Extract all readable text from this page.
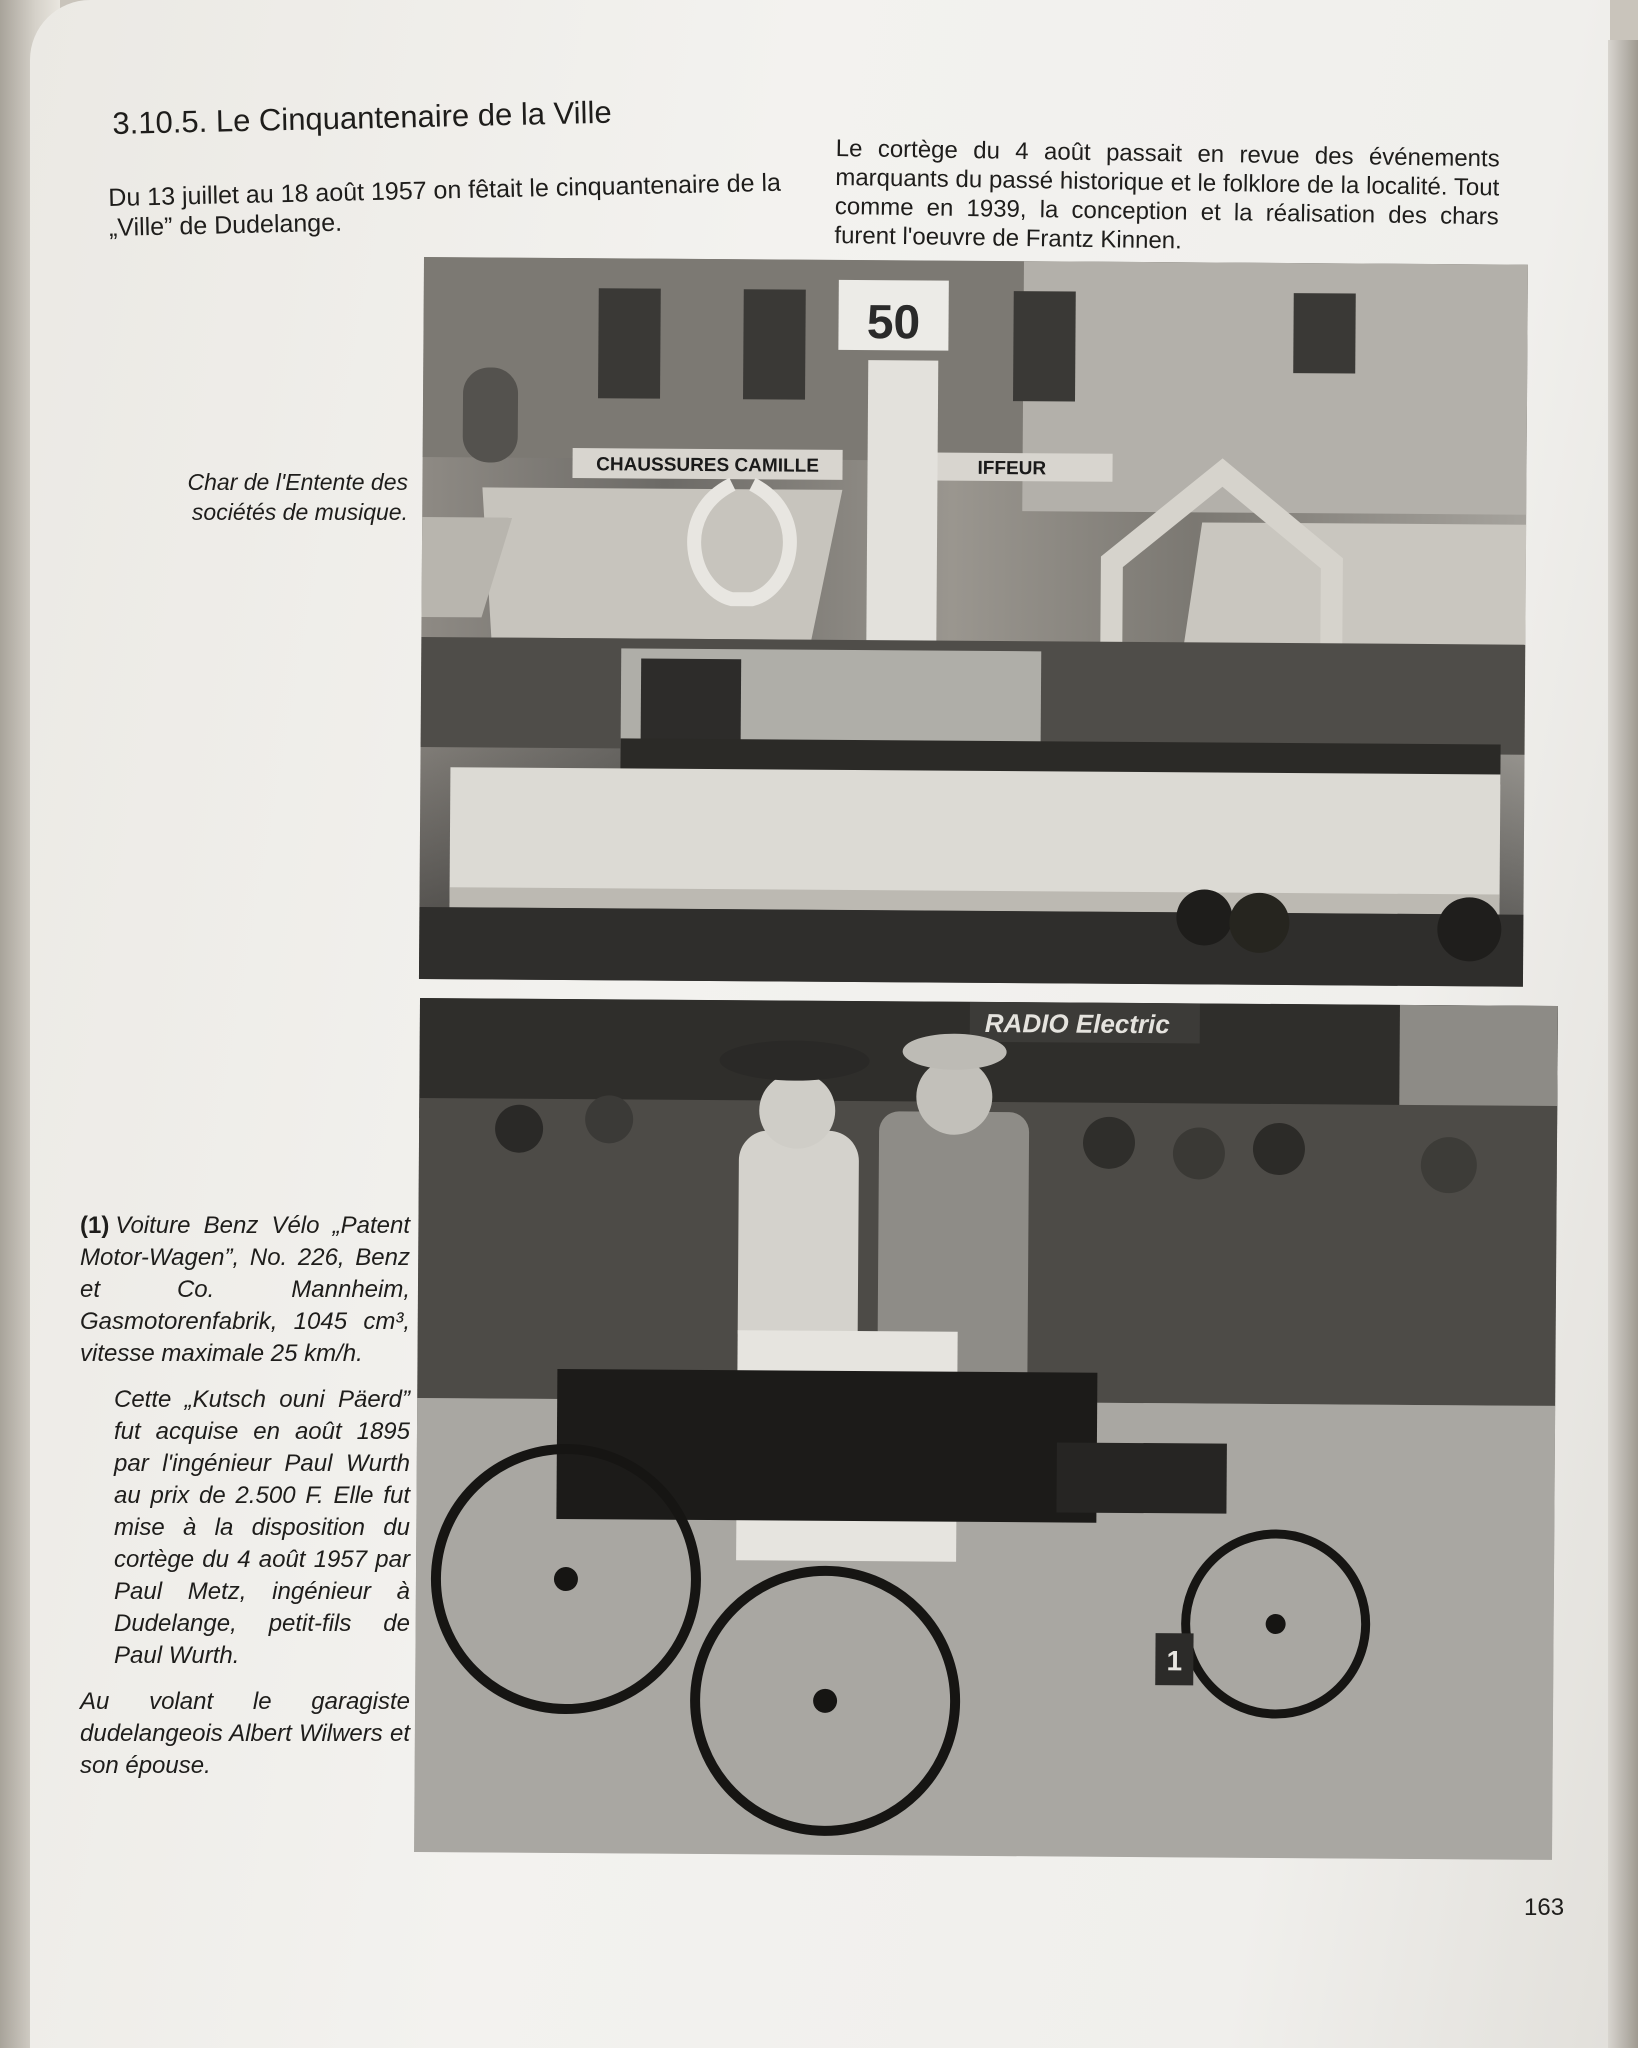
3.10.5. Le Cinquantenaire de la Ville

Du 13 juillet au 18 août 1957 on fêtait le cinquantenaire de la „Ville” de Dudelange.

Le cortège du 4 août passait en revue des événements marquants du passé historique et le folklore de la localité. Tout comme en 1939, la conception et la réalisation des chars furent l'oeuvre de Frantz Kinnen.

Char de l'Entente des sociétés de musique.

CHAUSSURES CAMILLE	IFFEUR
50
RADIO Electric
1

(1) Voiture Benz Vélo „Patent Motor-Wagen”, No. 226, Benz et Co. Mannheim, Gasmotorenfabrik, 1045 cm³, vitesse maximale 25 km/h.

Cette „Kutsch ouni Päerd” fut acquise en août 1895 par l'ingénieur Paul Wurth au prix de 2.500 F. Elle fut mise à la disposition du cortège du 4 août 1957 par Paul Metz, ingénieur à Dudelange, petit-fils de Paul Wurth.

Au volant le garagiste dudelangeois Albert Wilwers et son épouse.

163
